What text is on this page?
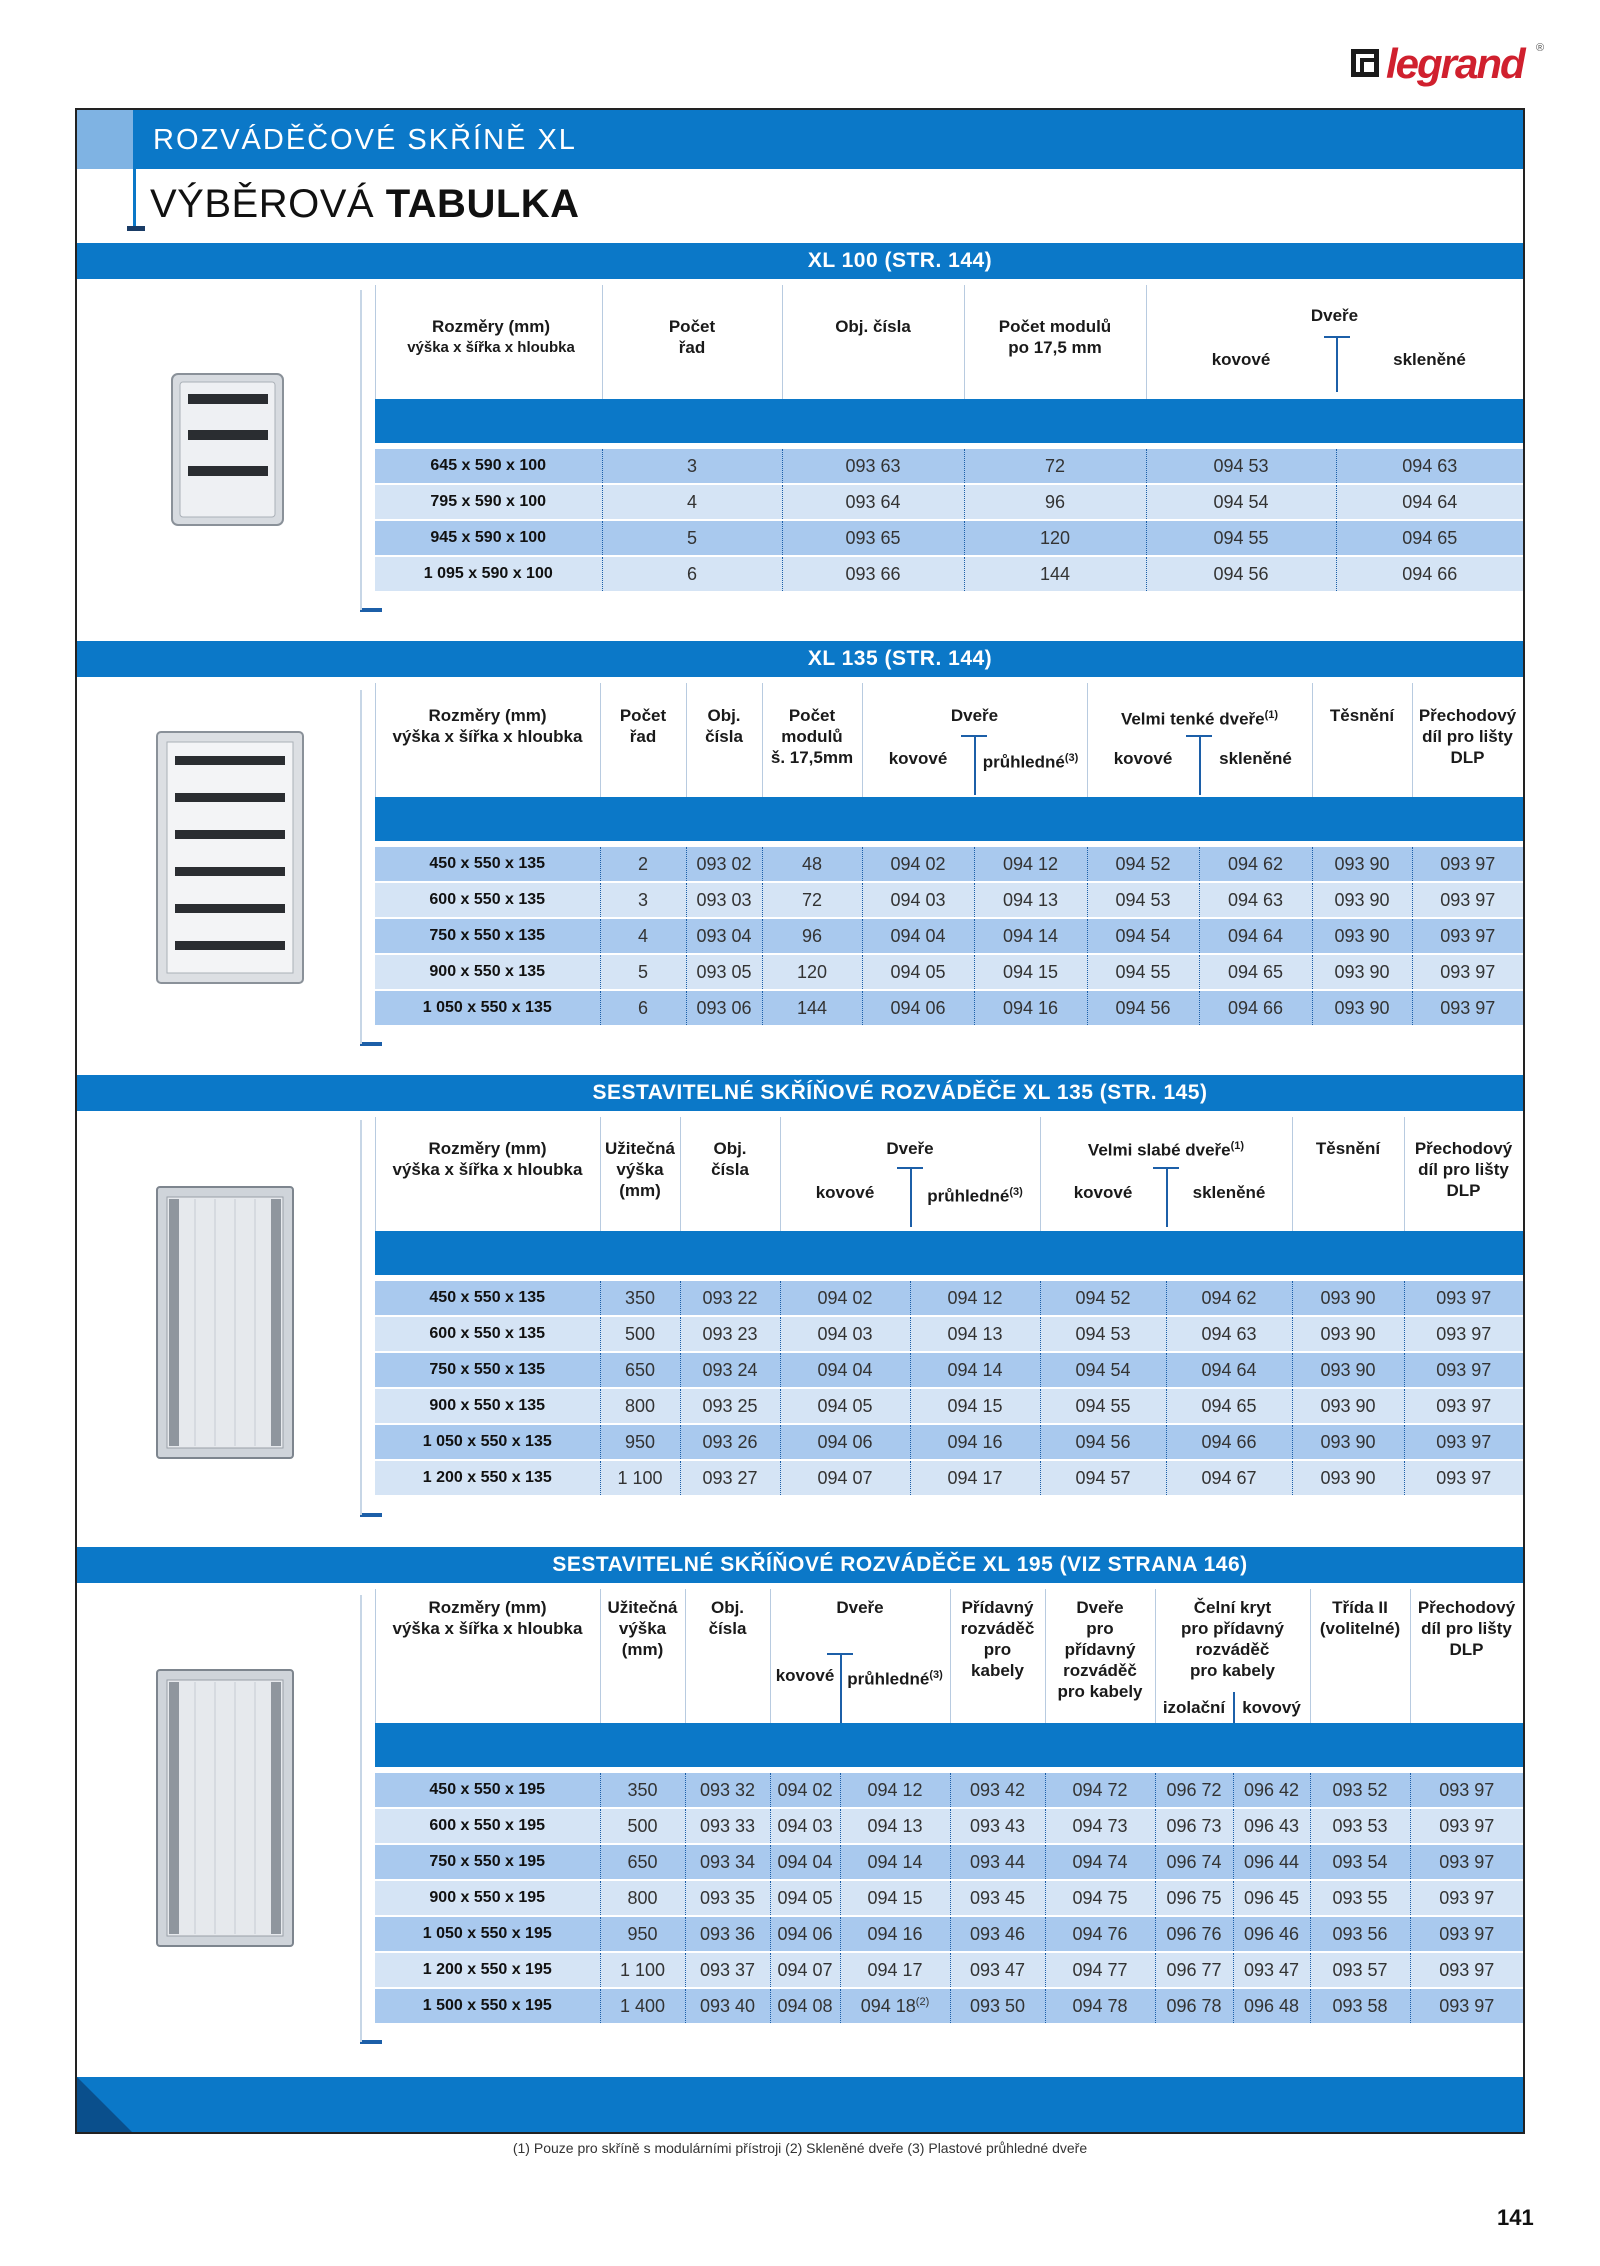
legrand ®
ROZVÁDĚČOVÉ SKŘÍNĚ XL
VÝBĚROVÁ TABULKA
XL 100 (STR. 144)
Rozměry (mm)
výška x šířka x hloubka
Počet
řad
Obj. čísla	Počet modulů
po 17,5 mm
Dveře
kovové	skleněné
645 x 590 x 100	3	093 63	72	094 53	094 63
795 x 590 x 100	4	093 64	96	094 54	094 64
945 x 590 x 100	5	093 65	120	094 55	094 65
1 095 x 590 x 100	6	093 66	144	094 56	094 66
XL 135 (STR. 144)
Rozměry (mm)
výška x šířka x hloubka
Počet
řad
Obj.
čísla
Počet
modulů
š. 17,5mm
Dveře
kovové	průhledné$^{(3)}$
Velmi tenké dveře$^{(1)}$
kovové	skleněné
Těsnění	Přechodový
díl pro lišty
DLP
450 x 550 x 135	2	093 02	48	094 02	094 12	094 52	094 62	093 90	093 97
600 x 550 x 135	3	093 03	72	094 03	094 13	094 53	094 63	093 90	093 97
750 x 550 x 135	4	093 04	96	094 04	094 14	094 54	094 64	093 90	093 97
900 x 550 x 135	5	093 05	120	094 05	094 15	094 55	094 65	093 90	093 97
1 050 x 550 x 135	6	093 06	144	094 06	094 16	094 56	094 66	093 90	093 97
SESTAVITELNÉ SKŘÍŇOVÉ ROZVÁDĚČE XL 135 (STR. 145)
Rozměry (mm)
výška x šířka x hloubka
Užitečná
výška
(mm)
Obj.
čísla
Dveře
kovové	průhledné$^{(3)}$
Velmi slabé dveře$^{(1)}$
kovové	skleněné
Těsnění	Přechodový
díl pro lišty
DLP
450 x 550 x 135	350	093 22	094 02	094 12	094 52	094 62	093 90	093 97
600 x 550 x 135	500	093 23	094 03	094 13	094 53	094 63	093 90	093 97
750 x 550 x 135	650	093 24	094 04	094 14	094 54	094 64	093 90	093 97
900 x 550 x 135	800	093 25	094 05	094 15	094 55	094 65	093 90	093 97
1 050 x 550 x 135	950	093 26	094 06	094 16	094 56	094 66	093 90	093 97
1 200 x 550 x 135	1 100	093 27	094 07	094 17	094 57	094 67	093 90	093 97
SESTAVITELNÉ SKŘÍŇOVÉ ROZVÁDĚČE XL 195 (VIZ STRANA 146)
Rozměry (mm)
výška x šířka x hloubka
Užitečná
výška
(mm)
Obj.
čísla
Dveře
kovové průhledné$^{(3)}$
Přídavný
rozváděč
pro
kabely
Dveře
pro
přídavný
rozváděč
pro kabely
Čelní kryt
pro přídavný
rozváděč
pro kabely
izolační	kovový
Třída II
(volitelné)
Přechodový
díl pro lišty
DLP
450 x 550 x 195	350	093 32	094 02	094 12	093 42	094 72	096 72	096 42	093 52	093 97
600 x 550 x 195	500	093 33	094 03	094 13	093 43	094 73	096 73	096 43	093 53	093 97
750 x 550 x 195	650	093 34	094 04	094 14	093 44	094 74	096 74	096 44	093 54	093 97
900 x 550 x 195	800	093 35	094 05	094 15	093 45	094 75	096 75	096 45	093 55	093 97
1 050 x 550 x 195	950	093 36	094 06	094 16	093 46	094 76	096 76	096 46	093 56	093 97
1 200 x 550 x 195	1 100	093 37	094 07	094 17	093 47	094 77	096 77	093 47	093 57	093 97
1 500 x 550 x 195	1 400	093 40	094 08	094 18$^{(2)}$	093 50	094 78	096 78	096 48	093 58	093 97
(1) Pouze pro skříně s modulárními přístroji (2) Skleněné dveře (3) Plastové průhledné dveře
141
